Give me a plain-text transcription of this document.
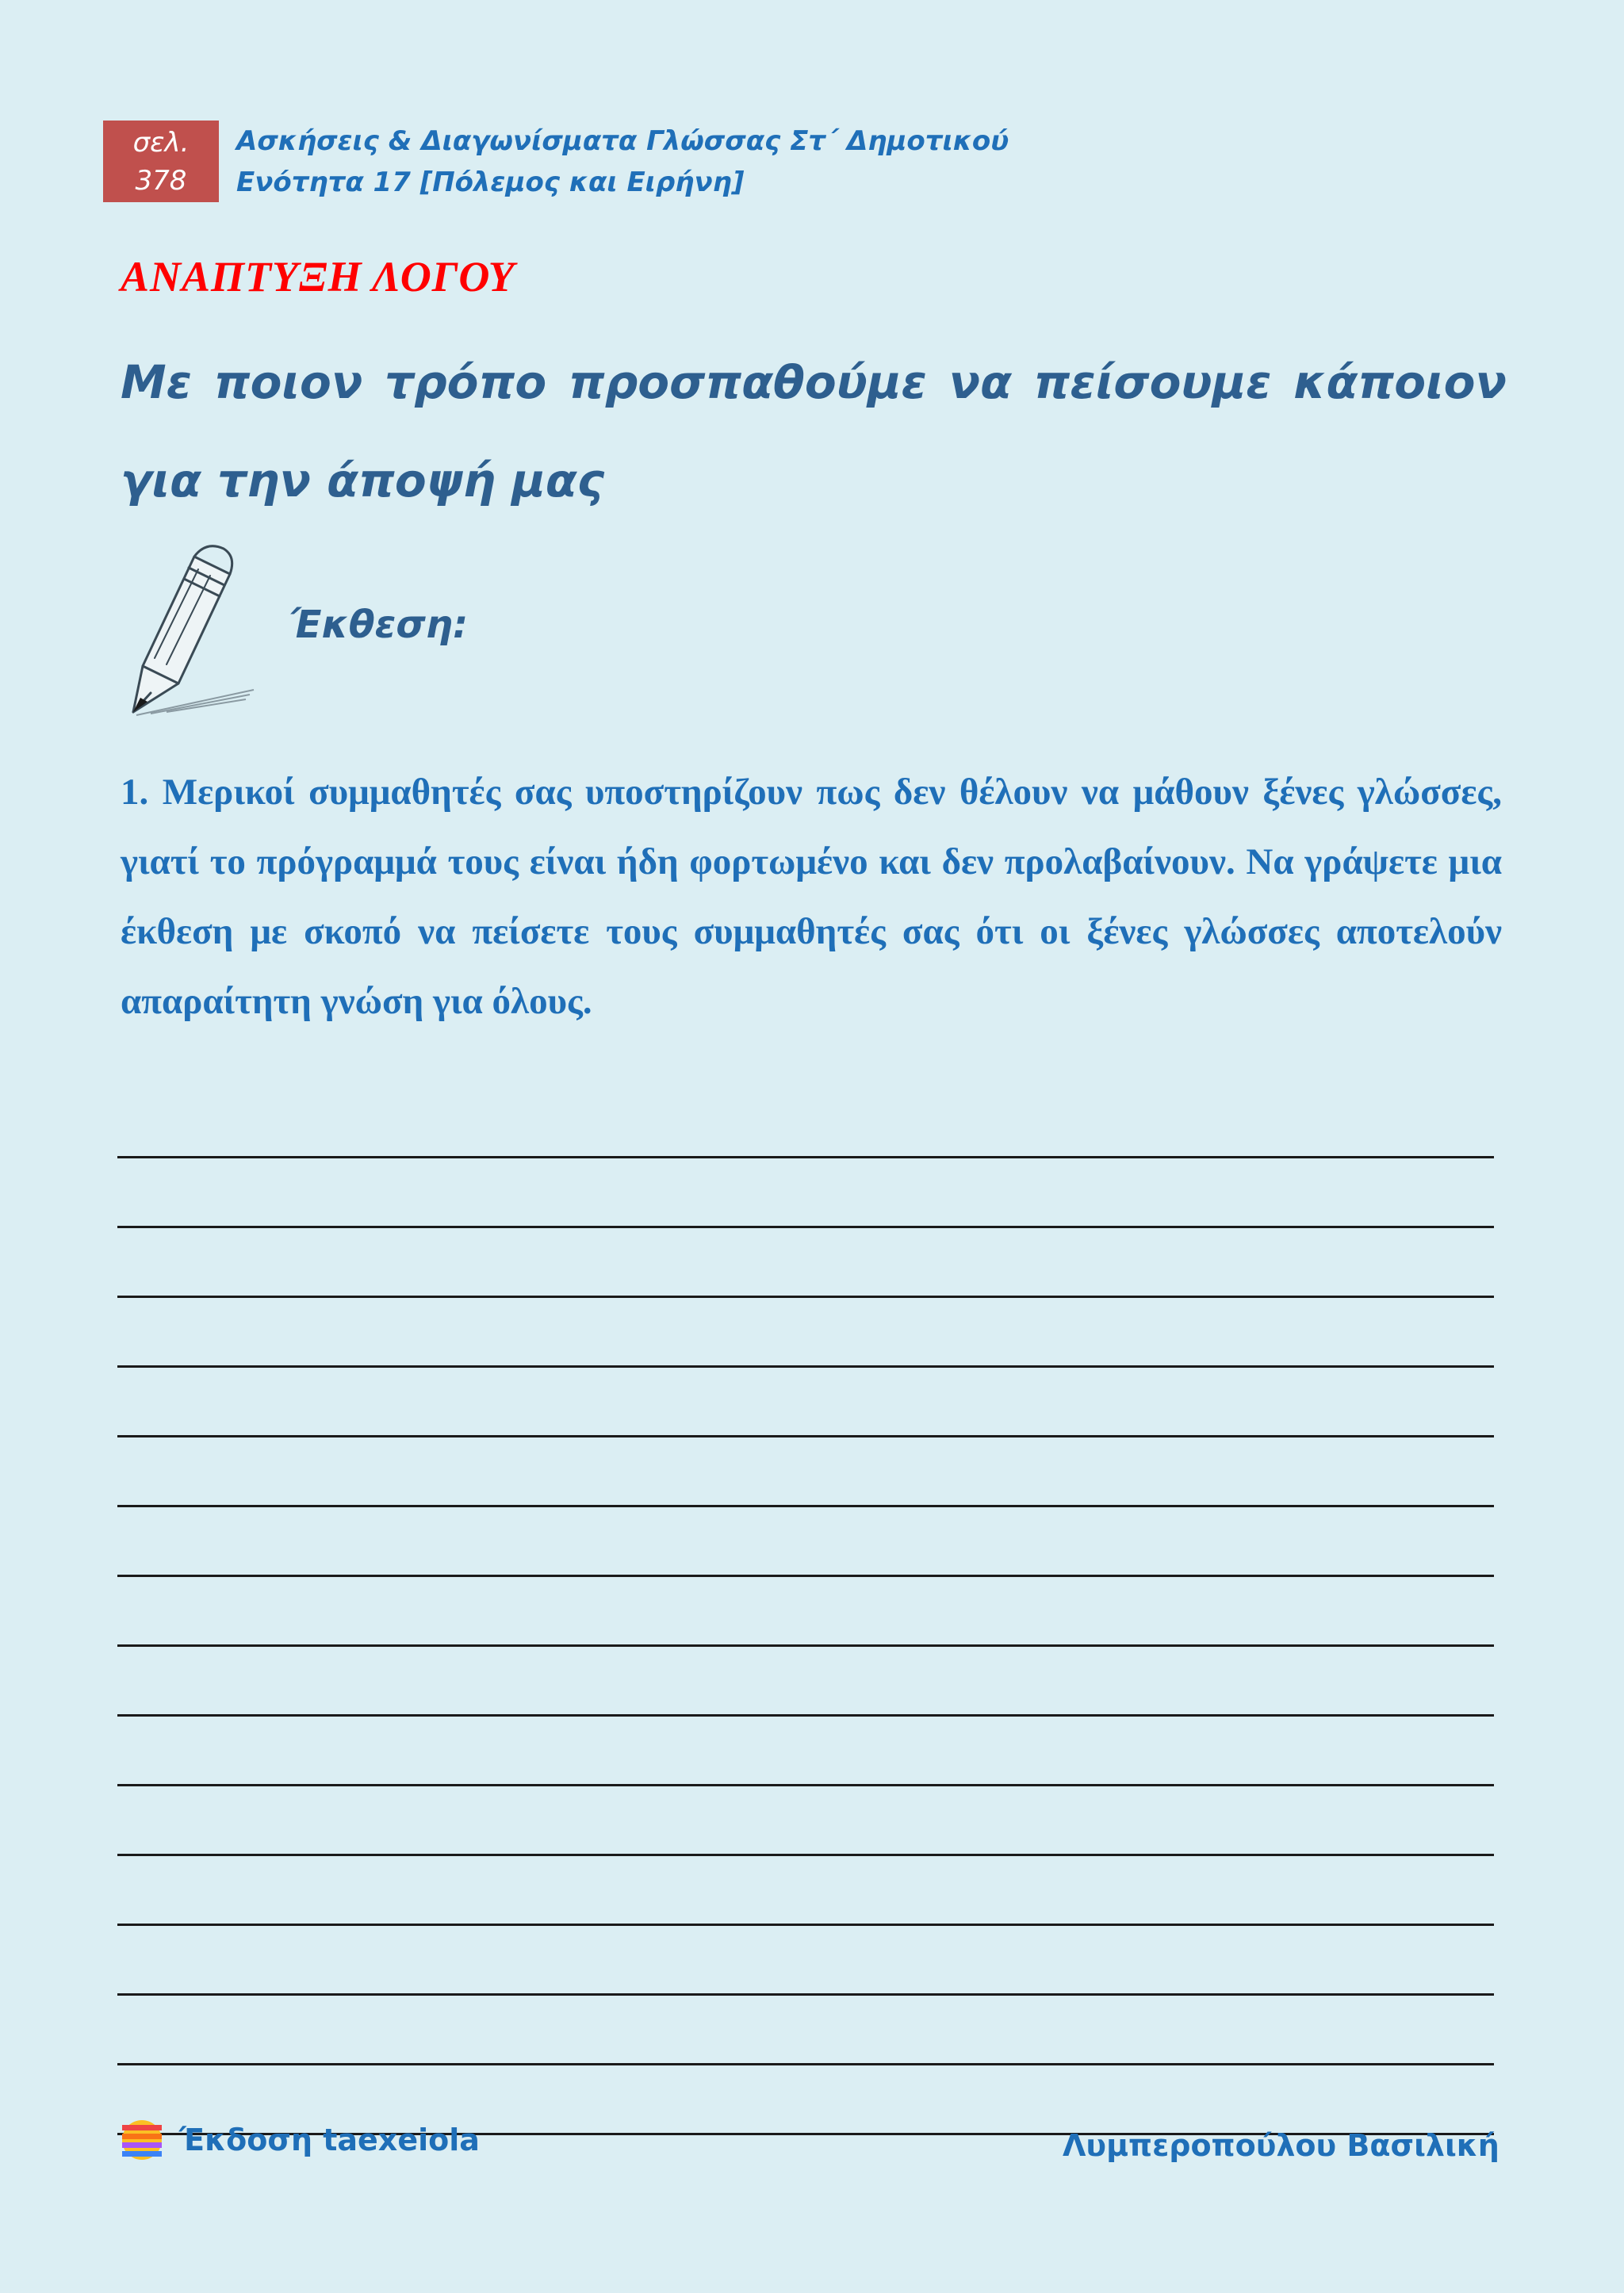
σελ.
378
Ασκήσεις & Διαγωνίσματα Γλώσσας Στ΄ Δημοτικού
Ενότητα 17 [Πόλεμος και Ειρήνη]
ΑΝΑΠΤΥΞΗ ΛΟΓΟΥ
Με ποιον τρόπο προσπαθούμε να πείσουμε κάποιον για την άποψή μας
Έκθεση:
1. Μερικοί συμμαθητές σας υποστηρίζουν πως δεν θέλουν να μάθουν ξένες γλώσσες, γιατί το πρόγραμμά τους είναι ήδη φορτωμένο και δεν προλαβαίνουν. Να γράψετε μια έκθεση με σκοπό να πείσετε τους συμμαθητές σας ότι οι ξένες γλώσσες αποτελούν απαραίτητη γνώση για όλους.
Έκδοση taexeiola	Λυμπεροπούλου Βασιλική
